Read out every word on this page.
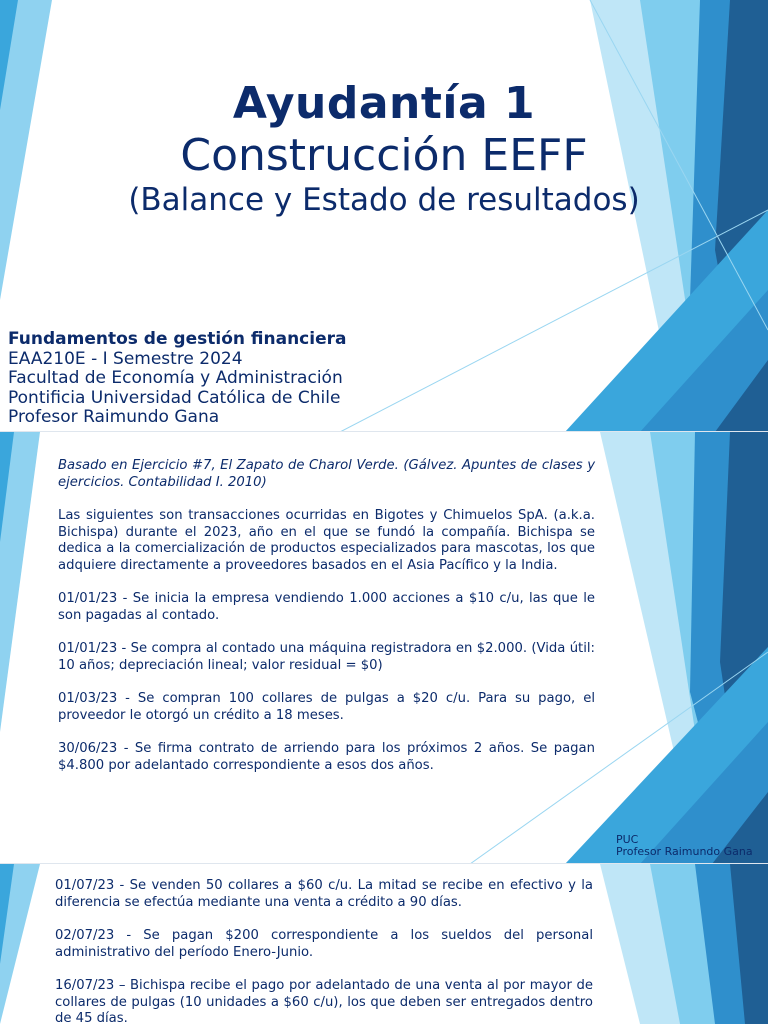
Ayudantía 1
Construcción EEFF
(Balance y Estado de resultados)
Fundamentos de gestión financiera
EAA210E - I Semestre 2024
Facultad de Economía y Administración
Pontificia Universidad Católica de Chile
Profesor Raimundo Gana

Basado en Ejercicio #7, El Zapato de Charol Verde. (Gálvez. Apuntes de clases y ejercicios. Contabilidad I. 2010)

Las siguientes son transacciones ocurridas en Bigotes y Chimuelos SpA. (a.k.a. Bichispa) durante el 2023, año en el que se fundó la compañía. Bichispa se dedica a la comercialización de productos especializados para mascotas, los que adquiere directamente a proveedores basados en el Asia Pacífico y la India.

01/01/23 - Se inicia la empresa vendiendo 1.000 acciones a $10 c/u, las que le son pagadas al contado.

01/01/23 - Se compra al contado una máquina registradora en $2.000. (Vida útil: 10 años; depreciación lineal; valor residual = $0)

01/03/23 - Se compran 100 collares de pulgas a $20 c/u. Para su pago, el proveedor le otorgó un crédito a 18 meses.

30/06/23 - Se firma contrato de arriendo para los próximos 2 años. Se pagan $4.800 por adelantado correspondiente a esos dos años.

PUC
Profesor Raimundo Gana

01/07/23 - Se venden 50 collares a $60 c/u. La mitad se recibe en efectivo y la diferencia se efectúa mediante una venta a crédito a 90 días.

02/07/23 - Se pagan $200 correspondiente a los sueldos del personal administrativo del período Enero-Junio.

16/07/23 – Bichispa recibe el pago por adelantado de una venta al por mayor de collares de pulgas (10 unidades a $60 c/u), los que deben ser entregados dentro de 45 días.
